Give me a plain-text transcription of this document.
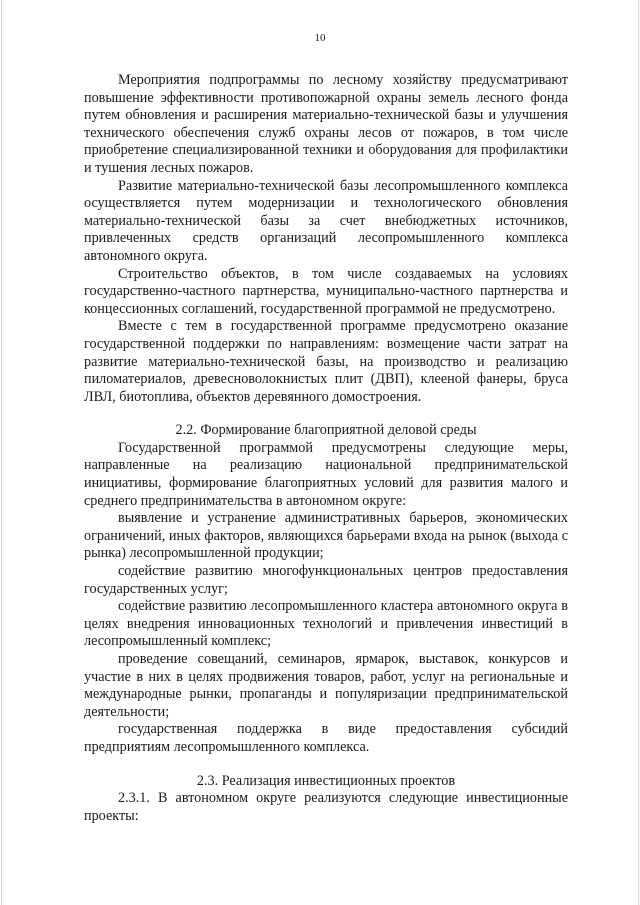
10

Мероприятия подпрограммы по лесному хозяйству предусматривают повышение эффективности противопожарной охраны земель лесного фонда путем обновления и расширения материально-технической базы и улучшения технического обеспечения служб охраны лесов от пожаров, в том числе приобретение специализированной техники и оборудования для профилактики и тушения лесных пожаров.

Развитие материально-технической базы лесопромышленного комплекса осуществляется путем модернизации и технологического обновления материально-технической базы за счет внебюджетных источников, привлеченных средств организаций лесопромышленного комплекса автономного округа.

Строительство объектов, в том числе создаваемых на условиях государственно-частного партнерства, муниципально-частного партнерства и концессионных соглашений, государственной программой не предусмотрено.

Вместе с тем в государственной программе предусмотрено оказание государственной поддержки по направлениям: возмещение части затрат на развитие материально-технической базы, на производство и реализацию пиломатериалов, древесноволокнистых плит (ДВП), клееной фанеры, бруса ЛВЛ, биотоплива, объектов деревянного домостроения.

2.2. Формирование благоприятной деловой среды

Государственной программой предусмотрены следующие меры, направленные на реализацию национальной предпринимательской инициативы, формирование благоприятных условий для развития малого и среднего предпринимательства в автономном округе:

выявление и устранение административных барьеров, экономических ограничений, иных факторов, являющихся барьерами входа на рынок (выхода с рынка) лесопромышленной продукции;

содействие развитию многофункциональных центров предоставления государственных услуг;

содействие развитию лесопромышленного кластера автономного округа в целях внедрения инновационных технологий и привлечения инвестиций в лесопромышленный комплекс;

проведение совещаний, семинаров, ярмарок, выставок, конкурсов и участие в них в целях продвижения товаров, работ, услуг на региональные и международные рынки, пропаганды и популяризации предпринимательской деятельности;

государственная поддержка в виде предоставления субсидий предприятиям лесопромышленного комплекса.

2.3. Реализация инвестиционных проектов

2.3.1. В автономном округе реализуются следующие инвестиционные проекты:
